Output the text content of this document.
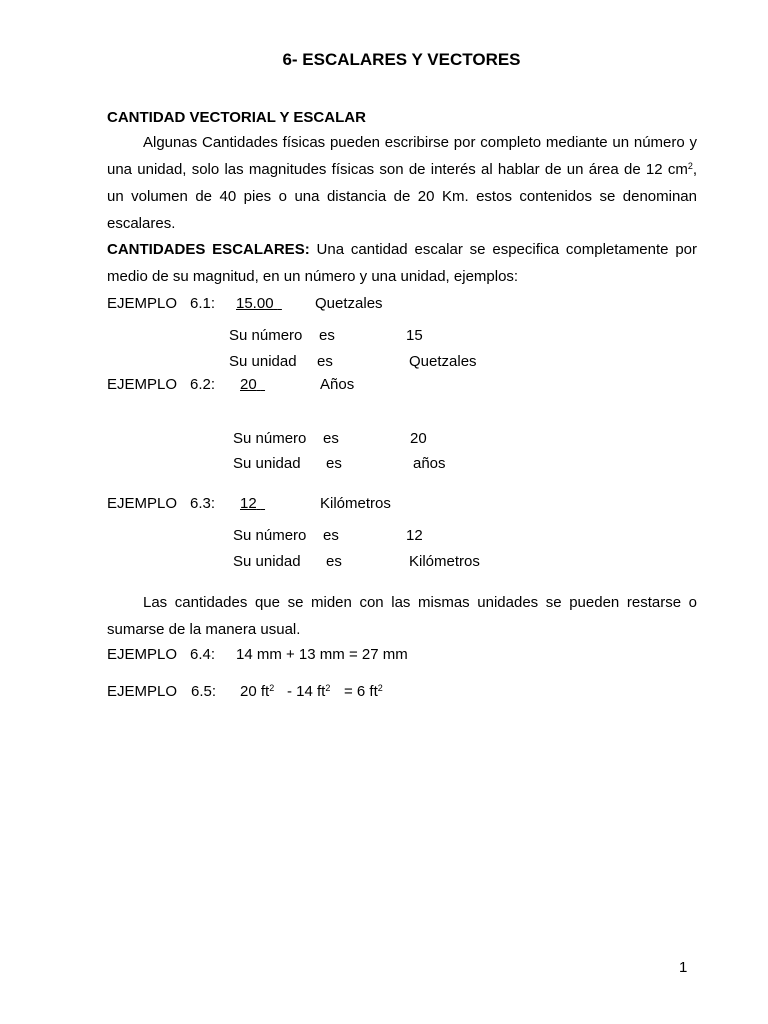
6- ESCALARES Y VECTORES
CANTIDAD VECTORIAL Y ESCALAR
Algunas Cantidades físicas pueden escribirse por completo mediante un número y una unidad, solo las magnitudes físicas son de interés al hablar de un área de 12 $cm^2$, un volumen de 40 pies o una distancia de 20 Km. estos contenidos se denominan escalares.
CANTIDADES ESCALARES: Una cantidad escalar se especifica completamente por medio de su magnitud, en un número y una unidad, ejemplos:
EJEMPLO 6.1: 15.00	Quetzales

Su número es	15
Su unidad es	Quetzales
EJEMPLO 6.2: 20	Años

Su número es	20
Su unidad es	años
EJEMPLO 6.3: 12	Kilómetros

Su número es	12
Su unidad es	Kilómetros
Las cantidades que se miden con las mismas unidades se pueden restarse o sumarse de la manera usual.
EJEMPLO 6.4: 14 mm + 13 mm = 27 mm
EJEMPLO 6.5: 20 $ft^2 - 14$ $ft^2 = 6$ $ft^2$
1
